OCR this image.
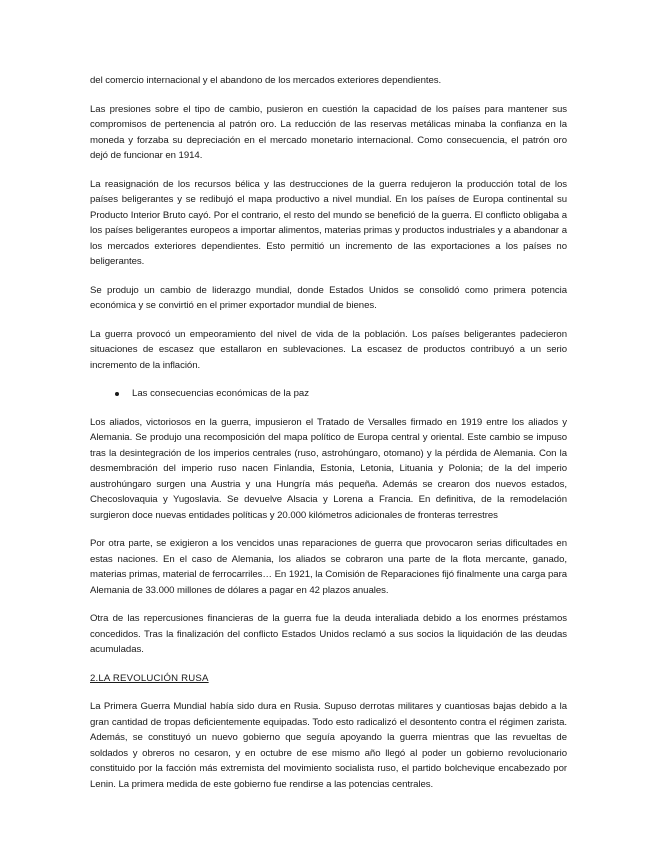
del comercio internacional y el abandono de los mercados exteriores dependientes.

Las presiones sobre el tipo de cambio, pusieron en cuestión la capacidad de los países para mantener sus compromisos de pertenencia al patrón oro. La reducción de las reservas metálicas minaba la confianza en la moneda y forzaba su depreciación en el mercado monetario internacional. Como consecuencia, el patrón oro dejó de funcionar en 1914.

La reasignación de los recursos bélica y las destrucciones de la guerra redujeron la producción total de los países beligerantes y se redibujó el mapa productivo a nivel mundial. En los países de Europa continental su Producto Interior Bruto cayó. Por el contrario, el resto del mundo se benefició de la guerra. El conflicto obligaba a los países beligerantes europeos a importar alimentos, materias primas y productos industriales y a abandonar a los mercados exteriores dependientes. Esto permitió un incremento de las exportaciones a los países no beligerantes.

Se produjo un cambio de liderazgo mundial, donde Estados Unidos se consolidó como primera potencia económica y se convirtió en el primer exportador mundial de bienes.

La guerra provocó un empeoramiento del nivel de vida de la población. Los países beligerantes padecieron situaciones de escasez que estallaron en sublevaciones. La escasez de productos contribuyó a un serio incremento de la inflación.

Las consecuencias económicas de la paz

Los aliados, victoriosos en la guerra, impusieron el Tratado de Versalles firmado en 1919 entre los aliados y Alemania. Se produjo una recomposición del mapa político de Europa central y oriental. Este cambio se impuso tras la desintegración de los imperios centrales (ruso, astrohúngaro, otomano) y la pérdida de Alemania. Con la desmembración del imperio ruso nacen Finlandia, Estonia, Letonia, Lituania y Polonia; de la del imperio austrohúngaro surgen una Austria y una Hungría más pequeña. Además se crearon dos nuevos estados, Checoslovaquia y Yugoslavia. Se devuelve Alsacia y Lorena a Francia. En definitiva, de la remodelación surgieron doce nuevas entidades políticas y 20.000 kilómetros adicionales de fronteras terrestres

Por otra parte, se exigieron a los vencidos unas reparaciones de guerra que provocaron serias dificultades en estas naciones. En el caso de Alemania, los aliados se cobraron una parte de la flota mercante, ganado, materias primas, material de ferrocarriles… En 1921, la Comisión de Reparaciones fijó finalmente una carga para Alemania de 33.000 millones de dólares a pagar en 42 plazos anuales.

Otra de las repercusiones financieras de la guerra fue la deuda interaliada debido a los enormes préstamos concedidos. Tras la finalización del conflicto Estados Unidos reclamó a sus socios la liquidación de las deudas acumuladas.

2.LA REVOLUCIÓN RUSA

La Primera Guerra Mundial había sido dura en Rusia. Supuso derrotas militares y cuantiosas bajas debido a la gran cantidad de tropas deficientemente equipadas. Todo esto radicalizó el desontento contra el régimen zarista. Además, se constituyó un nuevo gobierno que seguía apoyando la guerra mientras que las revueltas de soldados y obreros no cesaron, y en octubre de ese mismo año llegó al poder un gobierno revolucionario constituido por la facción más extremista del movimiento socialista ruso, el partido bolchevique encabezado por Lenin. La primera medida de este gobierno fue rendirse a las potencias centrales.
